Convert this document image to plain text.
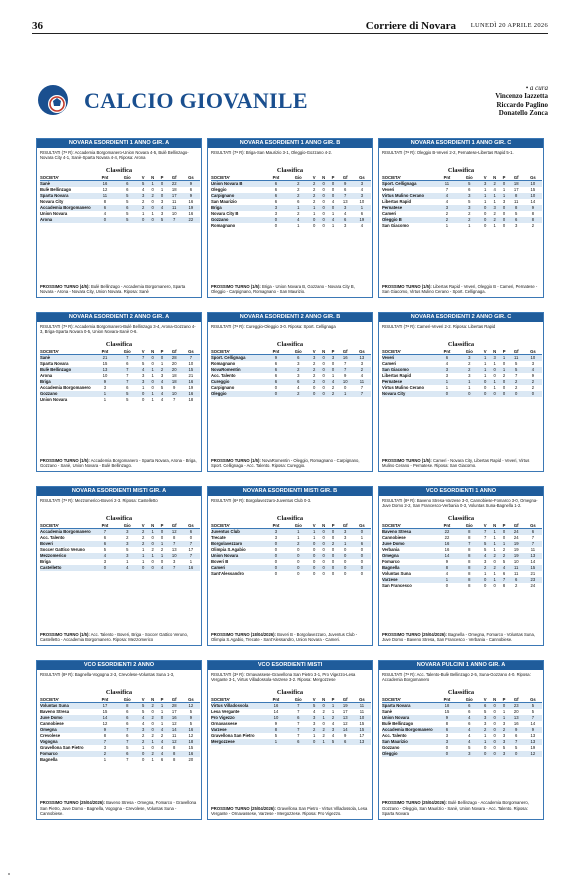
36	Corriere di Novara LUNEDÌ 20 APRILE 2026
CALCIO GIOVANILE	• a cura
Vincenzo Iazzetta
Riccardo Paglino
Donatello Zonca
NOVARA ESORDIENTI 1 ANNO GIR. A
RISULTATI (7ª R): Accademia Borgomanero-Union Novara 4-5, Bulè Bellinzago-Novara City 4-1, Sanè-Sparta Novara 4-4, Riposa: Arona
Classifica
SOCIETA'	Pnt	Gio	V	N	P	Gf	Gs
Sanè	16	6	5	1	0	22	9
Bulè Bellinzago	12	6	4	0	1	18	6
Sparta Novara	11	5	3	2	0	17	9
Novara City	8	5	2	0	3	11	16
Accademia Borgomanero	6	6	2	0	4	11	19
Union Novara	4	5	1	1	3	10	16
Arona	0	5	0	0	5	7	22
PROSSIMO TURNO (4/5): Bulè Bellinzago - Accademia Borgomanero, Sparta Novara - Arona - Novara City, Union Novara. Riposa: Sanè
NOVARA ESORDIENTI 1 ANNO GIR. B
RISULTATI (7ª R): Briga-San Maurizio 3-1, Oleggio-Gozzano 4-2.
Classifica
SOCIETA'	Pnt	Gio	V	N	P	Gf	Gs
Union Novara B	6	2	2	0	0	9	3
Oleggio	6	2	2	0	0	6	4
Carpignano	6	2	2	0	0	7	3
San Maurizio	6	6	2	0	4	13	10
Briga	3	1	1	0	0	3	1
Novara City B	3	2	1	0	1	4	6
Gozzano	0	4	0	0	4	6	19
Romagnano	0	1	0	0	1	3	4
PROSSIMO TURNO (1/5): Briga - Union Novara B, Gozzano - Novara City B, Oleggio - Carpignano, Romagnano - San Maurizio.
NOVARA ESORDIENTI 1 ANNO GIR. C
RISULTATI (7ª R): Oleggio B-Veveri 2-2, Pernatese-Libertas Rapid 5-1.
Classifica
SOCIETA'	Pnt	Gio	V	N	P	Gf	Gs
Sport. Cellignaga	11	5	3	2	0	18	10
Veveri	7	6	1	4	1	17	15
Virtus Mulino Cerano	4	3	1	1	1	8	10
Libertas Rapid	4	5	1	1	3	11	14
Pernatese	3	3	0	3	0	8	9
Cameri	2	2	0	2	0	5	8
Oleggio B	2	2	0	2	0	6	8
San Giacomo	1	1	0	1	0	3	2
PROSSIMO TURNO (1/5): Libertas Rapid - Veveri, Oleggio B - Cameri, Pernatese - San Giacomo, Virtus Mulino Cerano - Sport. Cellignaga.
NOVARA ESORDIENTI 2 ANNO GIR. A
RISULTATI (7ª R): Accademia Borgomanero-Bulè Bellinzago 3-4, Arona-Gozzano 4-3, Briga-Sparta Novara 0-5, Union Novara-Sanè 0-6.
Classifica
SOCIETA'	Pnt	Gio	V	N	P	Gf	Gs
Sanè	21	7	7	0	0	28	7
Sparta Novara	15	6	5	0	1	20	10
Bulè Bellinzago	13	7	4	1	2	20	15
Arona	10	7	3	1	3	18	21
Briga	9	7	3	0	4	18	16
Accademia Borgomanero	3	6	1	0	5	9	19
Gozzano	1	5	0	1	4	10	16
Union Novara	1	5	0	1	4	7	18
PROSSIMO TURNO (1/5): Accademia Borgomanero - Sparta Novara, Arona - Briga, Gozzano - Sanè, Union Novara - Bulè Bellinzago.
NOVARA ESORDIENTI 2 ANNO GIR. B
RISULTATI (7ª R): Cureggio-Oleggio 3-0. Riposa: Sport. Cellignaga
Classifica
SOCIETA'	Pnt	Gio	V	N	P	Gf	Gs
Sport. Cellignaga	9	6	3	0	3	16	13
Romagnano	6	3	2	0	0	7	3
NovaRomentin	6	2	2	0	0	7	2
Acc. Talento	6	3	2	0	1	9	4
Cureggio	6	6	2	0	4	10	11
Carpignano	0	4	0	0	2	0	7
Oleggio	0	2	0	0	2	1	7
PROSSIMO TURNO (1/5): NovaRomentin - Oleggio, Romagnano - Carpignano, Sport. Cellignaga - Acc. Talento. Riposa: Cureggio.
NOVARA ESORDIENTI 2 ANNO GIR. C
RISULTATI (7ª R): Cameri-Veveri 2-2. Riposa: Libertas Rapid
Classifica
SOCIETA'	Pnt	Gio	V	N	P	Gf	Gs
Veveri	6	3	1	3	1	11	10
Cameri	4	2	1	1	0	5	3
San Giacomo	3	2	1	0	1	5	4
Libertas Rapid	3	3	1	0	2	7	9
Pernatese	1	1	0	1	0	2	2
Virtus Mulino Cerano	1	1	0	1	0	2	2
Novara City	0	0	0	0	0	0	0
PROSSIMO TURNO (1/5): Cameri - Novara City, Libertas Rapid - Veveri, Virtus Mulino Cerano - Pernatese. Riposa: San Giacomo.
NOVARA ESORDIENTI MISTI GIR. A
RISULTATI (7ª R): Mezzomerico-Boveri 2-3. Riposa: Castelletto
Classifica
SOCIETA'	Pnt	Gio	V	N	P	Gf	Gs
Accademia Borgomanero	7	3	2	1	0	12	6
Acc. Talento	6	2	2	0	0	8	0
Boveri	6	3	2	0	1	7	7
Soccer Gattico Veruno	5	5	1	2	2	13	17
Mezzomerico	4	3	1	1	1	10	7
Briga	3	1	1	0	0	3	1
Castelletto	0	4	0	0	4	7	16
PROSSIMO TURNO (1/5): Acc. Talento - Boveri, Briga - Soccer Gattico Veruno, Castelletto - Accademia Borgomanero. Riposa: Mezzomerico
NOVARA ESORDIENTI MISTI GIR. B
RISULTATI (6ª R): Borgolavezzaro-Juventus Club 0-3.
Classifica
SOCIETA'	Pnt	Gio	V	N	P	Gf	Gs
Juventus Club	3	1	1	0	0	3	0
Trecate	3	1	1	0	0	3	1
Borgolavezzaro	0	2	0	0	2	1	6
Olimpia S.Agabio	0	0	0	0	0	0	0
Union Novara	0	0	0	0	0	0	0
Boveri B	0	0	0	0	0	0	0
Cameri	0	0	0	0	0	0	0
Sant'Alessandro	0	0	0	0	0	0	0
PROSSIMO TURNO (18/04/2026): Boveri B - Borgolavezzaro, Juventus Club - Olimpia S.Agabio, Trecate - Sant'Alessandro, Union Novara - Cameri.
VCO ESORDIENTI 1 ANNO
RISULTATI (8ª R): Baveno Stresa-Varzese 3-0, Cannobiese-Fomarco 3-0, Omegna-Juve Domo 2-2, San Francesco-Verbania 0-3, Voluntas Suna-Bagnella 1-2.
Classifica
SOCIETA'	Pnt	Gio	V	N	P	Gf	Gs
Baveno Stresa	22	8	7	1	0	24	6
Cannobiese	22	8	7	1	0	24	7
Juve Domo	16	7	5	1	1	19	7
Verbania	16	8	5	1	2	19	11
Omegna	14	8	4	2	2	19	13
Fomarco	9	8	3	0	5	10	14
Bagnella	8	8	2	2	4	11	15
Voluntas Suna	4	8	1	1	6	11	21
Varzese	1	8	0	1	7	6	23
San Francesco	0	8	0	0	8	2	24
PROSSIMO TURNO (25/04/2026): Bagnella - Omegna, Fomarco - Voluntas Suna, Juve Domo - Baveno Stresa, San Francesco - Verbania - Cannobiese.
VCO ESORDIENTI 2 ANNO
RISULTATI (8ª R): Bagnella-Vogogna 2-3, Crevolese-Voluntas Suna 1-3,
Classifica
SOCIETA'	Pnt	Gio	V	N	P	Gf	Gs
Voluntas Suna	17	8	5	2	1	28	12
Baveno Stresa	15	6	5	0	1	17	5
Juve Domo	14	6	4	2	0	16	9
Cannobiese	12	6	4	0	1	12	5
Omegna	9	7	3	0	4	14	16
Crevolese	8	6	2	2	2	11	12
Vogogna	7	7	2	1	4	12	18
Gravellona San Pietro	3	5	1	0	4	8	15
Fomarco	2	6	0	2	4	8	16
Bagnella	1	7	0	1	6	8	20
PROSSIMO TURNO (25/04/2026): Baveno Stresa - Omegna, Fomarco - Gravellona San Pietro, Juve Domo - Bagnella, Vogogna - Crevolese, Voluntas Suna - Cannobiese.
VCO ESORDIENTI MISTI
RISULTATI (3ª R): Ornavassese-Gravellona San Pietro 3-1, Pro Vigezzo-Lesa Vergante 3-1, Virtus Villadossola-Varzese 3-2. Riposa: Mergozzese
Classifica
SOCIETA'	Pnt	Gio	V	N	P	Gf	Gs
Virtus Villadossola	16	7	5	0	1	19	11
Lesa Vergante	14	7	4	2	1	17	11
Pro Vigezzo	10	6	3	1	2	13	10
Ornavassese	9	7	3	0	4	12	15
Varzese	8	7	2	2	3	14	15
Gravellona San Pietro	5	7	1	2	4	9	17
Mergozzese	1	6	0	1	5	6	13
PROSSIMO TURNO (25/04/2026): Gravellona San Pietro - Virtus Villadossola, Lesa Vergante - Ornavassese, Varzese - Mergozzese. Riposa: Pro Vigezzo.
NOVARA PULCINI 1 ANNO GIR. A
RISULTATI (7ª R): Acc. Talento-Bulè Bellinzago 2-5, Suna-Gozzano 4-0. Riposa: Accademia Borgomanero
Classifica
SOCIETA'	Pnt	Gio	V	N	P	Gf	Gs
Sparta Novara	18	6	6	0	0	23	5
Sanè	15	6	5	0	1	20	5
Union Novara	9	4	3	0	1	13	7
Bulè Bellinzago	8	6	3	0	3	16	14
Accademia Borgomanero	6	4	2	0	2	9	9
Acc. Talento	3	4	1	0	3	6	13
San Maurizio	3	4	1	0	3	7	13
Gozzano	0	5	0	0	5	5	19
Oleggio	0	3	0	0	3	0	12
PROSSIMO TURNO (25/04/2026): Bulè Bellinzago - Accademia Borgomanero, Gozzano - Oleggio, San Maurizio - Sanè, Union Novara - Acc. Talento. Riposa: Sparta Novara
